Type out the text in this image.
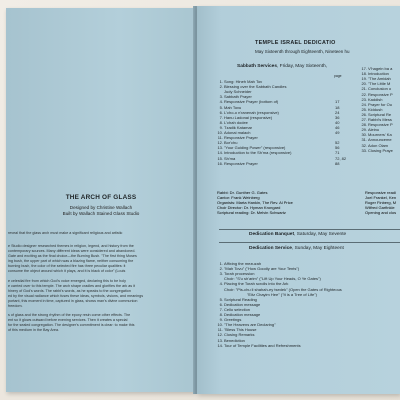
THE ARCH OF GLASS
Designed by Christine Wallach
Built by Wallach Stained Glass Studio

reveal that the glass arch must make a significant religious and artistic

e Studio designer researched themes in religion, legend, and history from the
contemporary sources. Many different ideas were considered and abandoned.
Gate and exciting as the final choice—the Burning Bush. "The first thing Moses
ing bush, the upper part of which was a blazing flame, neither consuming the
burning bush, the color of the selected fire has three peculiar qualities: it
consume the object around which it plays, and it is black of color" (Louis

e celestial fire from which God's voice emerged, declaring this to be holy
e carried over to this temple. The arch shape cradles and glorifies the ark as it
hinery of God's words. The rabbi's words, as he speaks to the congregation
ed by the visual radiance which fuses these ideas, symbols, visions, and meanings
portant, this moment in time, captured in glass, shows man's divine communion
freedom.

s of glass and the strong rhythm of the epoxy resin come other effects. The
ent so it glows outward before evening services. Then it creates a special
for the sealed congregation. The designer's commitment is clear: to make this
of this medium in the Bay Area.

TEMPLE ISRAEL DEDICATIO
May Sixteenth through Eighteenth, Nineteen hu
Sabbath Services, Friday, May Sixteenth,
page
1. Song: Hineh Mah Tov
2. Blessing over the Sabbath Candles
Judy Schneider
3. Sabbath Prayer
4. Responsive Prayer (bottom of)	17
5. Mah Tovu	18
6. L'cho-o n'ranenah (responsive)	24
7. Hanu Ladonai (responsive)	36
8. L'chah dodee	40
9. Tzadik Katamar	46
10. Adonai malach	49
11. Responsive Prayer
12. Bor'chu	52
13. "Your Guiding Power" (responsive)	56
14. Introduction to the Sh'ma (responsive)	71
15. Sh'ma	72, 82
16. Responsive Prayer	88
17. V'hagein ba a
18. Introduction
19. "The Amidah
20. "The Little M
21. Conclusion o
22. Responsive P
23. Kaddish
24. Prayer for Ou
25. Kiddush
26. Scriptural Re
27. Rabbi's Mess
28. Responsive P
29. Aleinu
30. Mourners' Ka
31. Announceme
32. Adon Olam
33. Closing Praye
Rabbi: Dr. Gunther G. Gates
Cantor: Frank Weinberg
Organists: Marta Hankin, The Rev. Al Price
Choir Director: Dr. Hyman Krongard
Scriptural reading: Dr. Melvin Schwartz
Responsive readi
Joel Frankel, Ken
Roger Finberg, M
Wilfred Garfinkle
Opening and clos
Dedication Banquet, Saturday, May Sevente
Dedication Service, Sunday, May Eighteent
1. Affixing the mezuzah
2. "Mah Tovu" ("How Goodly are Your Tents")
3. Torah procession
Choir: "S'u sh'arim" ("Lift Up Your Heads, O Ye Gates")
4. Placing the Torah scrolls into the Ark
Choir: "Pis-chu li shahah-ey tsedek" (Open the Gates of Righteous
"Eitz Chayim Hee" ("It is a Tree of Life")
5. Scriptural Reading
6. Dedication message
7. Cello selection
8. Dedication message
9. Greetings
10. "The Heavens are Declaring"
11. "Bless This House
12. Closing Remarks
13. Benediction
14. Tour of Temple Facilities and Refreshments
